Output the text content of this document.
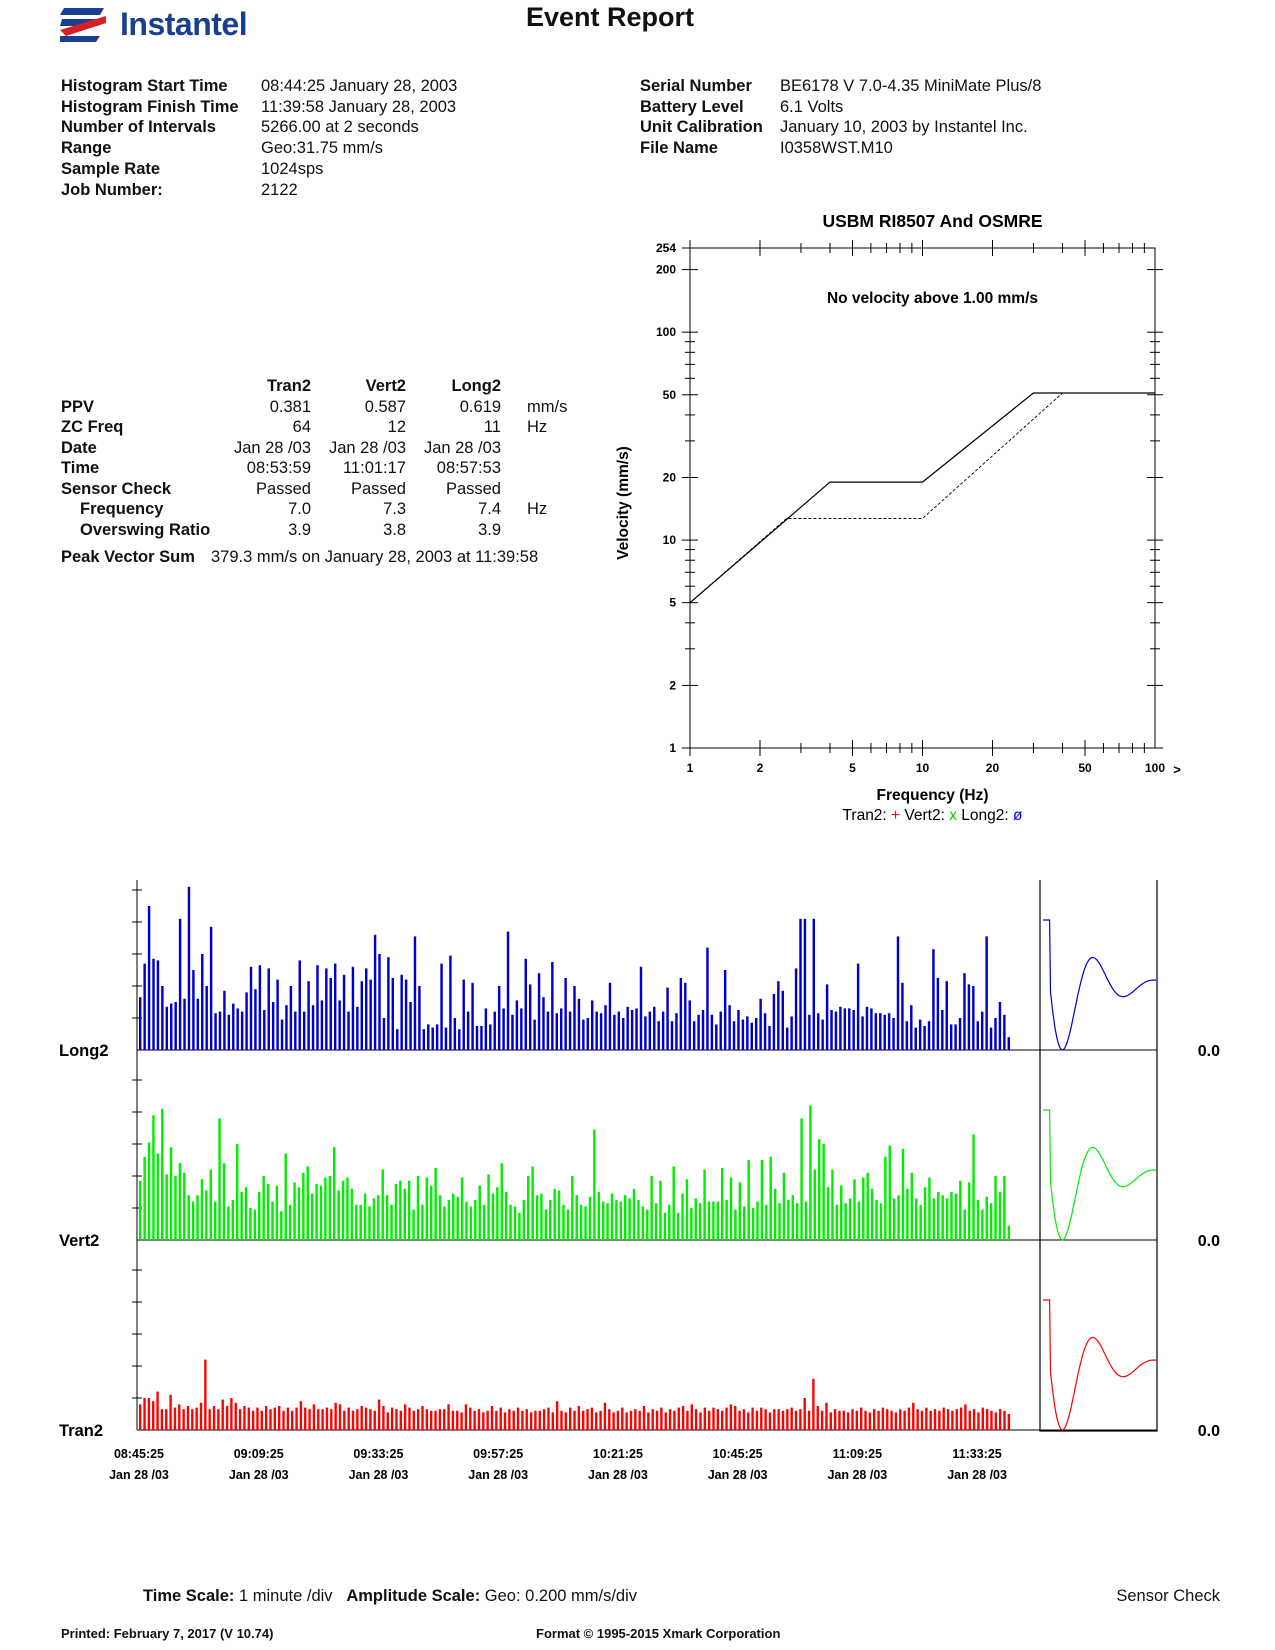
Instantel	Event Report
Histogram Start Time 08:44:25 January 28, 2003
Histogram Finish Time 11:39:58 January 28, 2003
Number of Intervals	5266.00 at 2 seconds
Range	Geo:31.75 mm/s
Sample Rate	1024sps
Job Number:	2122
Serial Number BE6178 V 7.0-4.35 MiniMate Plus/8
Battery Level 6.1 Volts
Unit Calibration January 10, 2003 by Instantel Inc.
File Name	I0358WST.M10
Tran2	Vert2	Long2
PPV	0.381	0.587	0.619 mm/s
ZC Freq	64	12	11 Hz
Date	Jan 28 /03	Jan 28 /03	Jan 28 /03
Time	08:53:59	11:01:17	08:57:53
Sensor Check	Passed	Passed	Passed
Frequency	7.0	7.3	7.4 Hz
Overswing Ratio	3.9	3.8	3.9
Peak Vector Sum 379.3 mm/s on January 28, 2003 at 11:39:58
USBM RI8507 And OSMRE
No velocity above 1.00 mm/s
1	2	5	10	20	50	100 >
1
2
5
10
20
50
100
200
254
Frequency (Hz)
Velocity (mm/s)
Tran2: + Vert2: x Long2: ø
Long2	0.0
Vert2	0.0
Tran2	0.0
08:45:25
Jan 28 /03
09:09:25
Jan 28 /03
09:33:25
Jan 28 /03
09:57:25
Jan 28 /03
10:21:25
Jan 28 /03
10:45:25
Jan 28 /03
11:09:25
Jan 28 /03
11:33:25
Jan 28 /03
Time Scale: 1 minute /div Amplitude Scale: Geo: 0.200 mm/s/div	Sensor Check
Printed: February 7, 2017 (V 10.74)	Format © 1995-2015 Xmark Corporation
